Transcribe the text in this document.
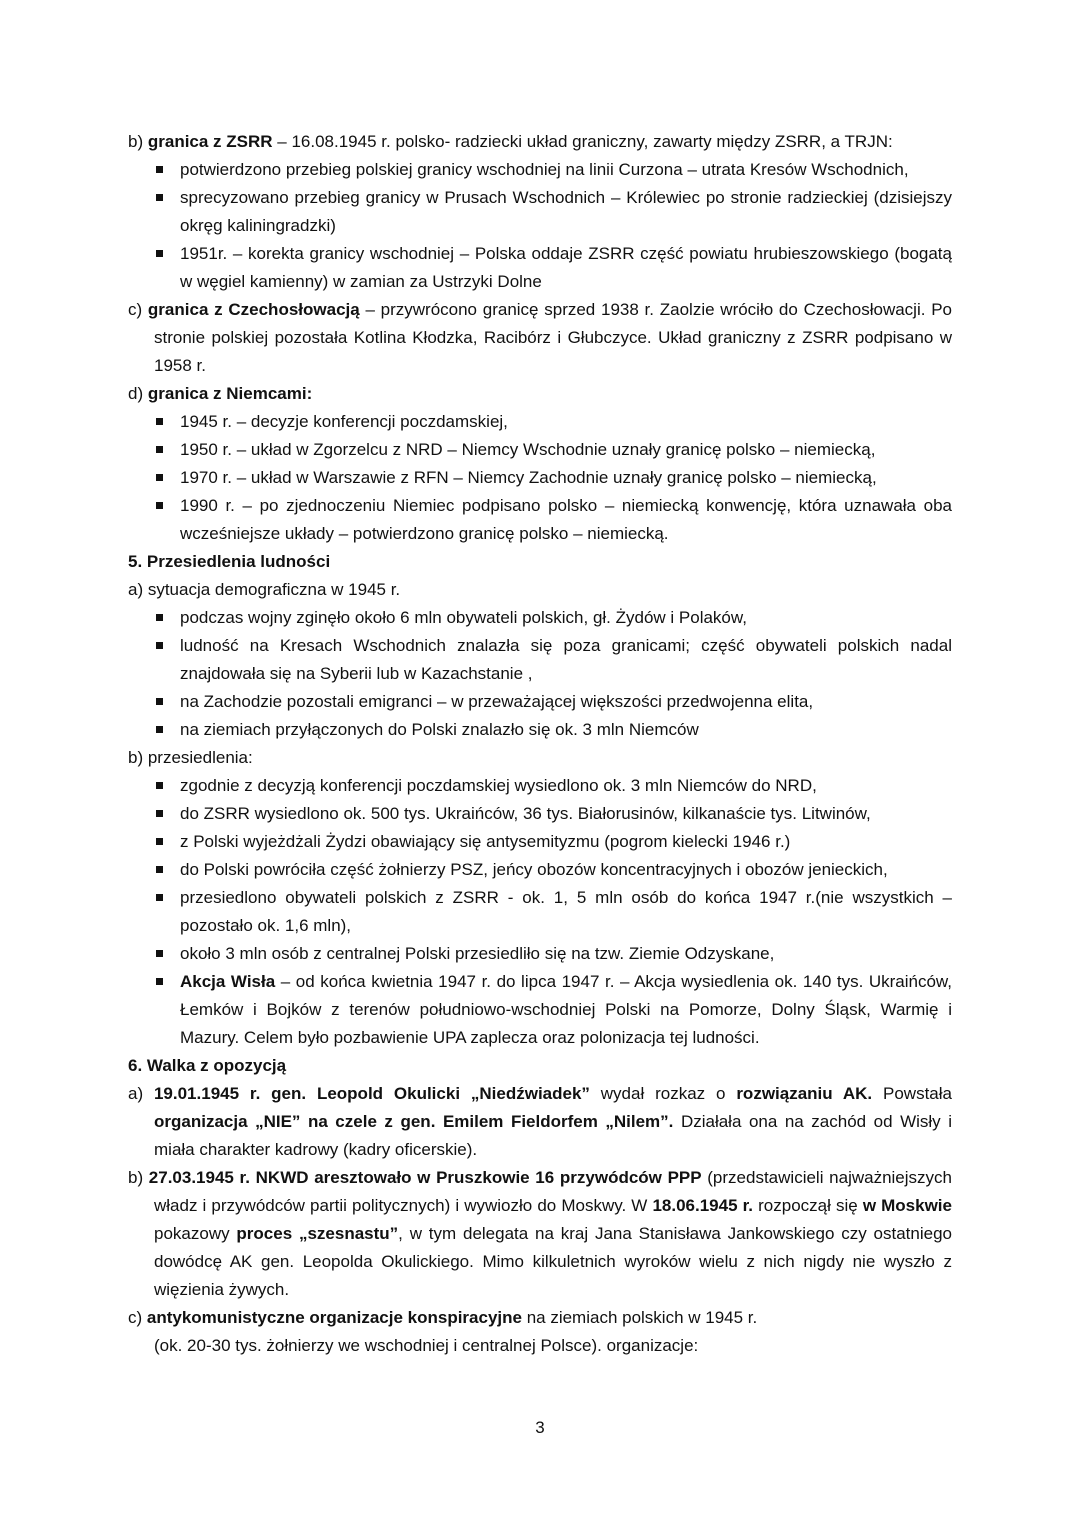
b) granica z ZSRR – 16.08.1945 r. polsko- radziecki układ graniczny, zawarty między ZSRR, a TRJN:

potwierdzono przebieg polskiej granicy wschodniej na linii Curzona – utrata Kresów Wschodnich,
sprecyzowano przebieg granicy w Prusach Wschodnich – Królewiec po stronie radzieckiej (dzisiejszy okręg kaliningradzki)
1951r. – korekta granicy wschodniej – Polska oddaje ZSRR część powiatu hrubieszowskiego (bogatą w węgiel kamienny) w zamian za Ustrzyki Dolne

c) granica z Czechosłowacją – przywrócono granicę sprzed 1938 r. Zaolzie wróciło do Czechosłowacji. Po stronie polskiej pozostała Kotlina Kłodzka, Racibórz i Głubczyce. Układ graniczny z ZSRR podpisano w 1958 r.

d) granica z Niemcami:

1945 r. – decyzje konferencji poczdamskiej,
1950 r. – układ w Zgorzelcu z NRD – Niemcy Wschodnie uznały granicę polsko – niemiecką,
1970 r. – układ w Warszawie z RFN – Niemcy Zachodnie uznały granicę polsko – niemiecką,
1990 r. – po zjednoczeniu Niemiec podpisano polsko – niemiecką konwencję, która uznawała oba wcześniejsze układy – potwierdzono granicę polsko – niemiecką.

5. Przesiedlenia ludności

a) sytuacja demograficzna w 1945 r.

podczas wojny zginęło około 6 mln obywateli polskich, gł. Żydów i Polaków,
ludność na Kresach Wschodnich znalazła się poza granicami; część obywateli polskich nadal znajdowała się na Syberii lub w Kazachstanie ,
na Zachodzie pozostali emigranci – w przeważającej większości przedwojenna elita,
na ziemiach przyłączonych do Polski znalazło się ok. 3 mln Niemców

b) przesiedlenia:

zgodnie z decyzją konferencji poczdamskiej wysiedlono ok. 3 mln Niemców do NRD,
do ZSRR wysiedlono ok. 500 tys. Ukraińców, 36 tys. Białorusinów, kilkanaście tys. Litwinów,
z Polski wyjeżdżali Żydzi obawiający się antysemityzmu (pogrom kielecki 1946 r.)
do Polski powróciła część żołnierzy PSZ, jeńcy obozów koncentracyjnych i obozów jenieckich,
przesiedlono obywateli polskich z ZSRR - ok. 1, 5 mln osób do końca 1947 r.(nie wszystkich – pozostało ok. 1,6 mln),
około 3 mln osób z centralnej Polski przesiedliło się na tzw. Ziemie Odzyskane,
Akcja Wisła – od końca kwietnia 1947 r. do lipca 1947 r. – Akcja wysiedlenia ok. 140 tys. Ukraińców, Łemków i Bojków z terenów południowo-wschodniej Polski na Pomorze, Dolny Śląsk, Warmię i Mazury. Celem było pozbawienie UPA zaplecza oraz polonizacja tej ludności.

6. Walka z opozycją

a) 19.01.1945 r. gen. Leopold Okulicki „Niedźwiadek” wydał rozkaz o rozwiązaniu AK. Powstała organizacja „NIE” na czele z gen. Emilem Fieldorfem „Nilem”. Działała ona na zachód od Wisły i miała charakter kadrowy (kadry oficerskie).

b) 27.03.1945 r. NKWD aresztowało w Pruszkowie 16 przywódców PPP (przedstawicieli najważniejszych władz i przywódców partii politycznych) i wywiozło do Moskwy. W 18.06.1945 r. rozpoczął się w Moskwie pokazowy proces „szesnastu”, w tym delegata na kraj Jana Stanisława Jankowskiego czy ostatniego dowódcę AK gen. Leopolda Okulickiego. Mimo kilkuletnich wyroków wielu z nich nigdy nie wyszło z więzienia żywych.

c) antykomunistyczne organizacje konspiracyjne na ziemiach polskich w 1945 r.

(ok. 20-30 tys. żołnierzy we wschodniej i centralnej Polsce). organizacje:

3
